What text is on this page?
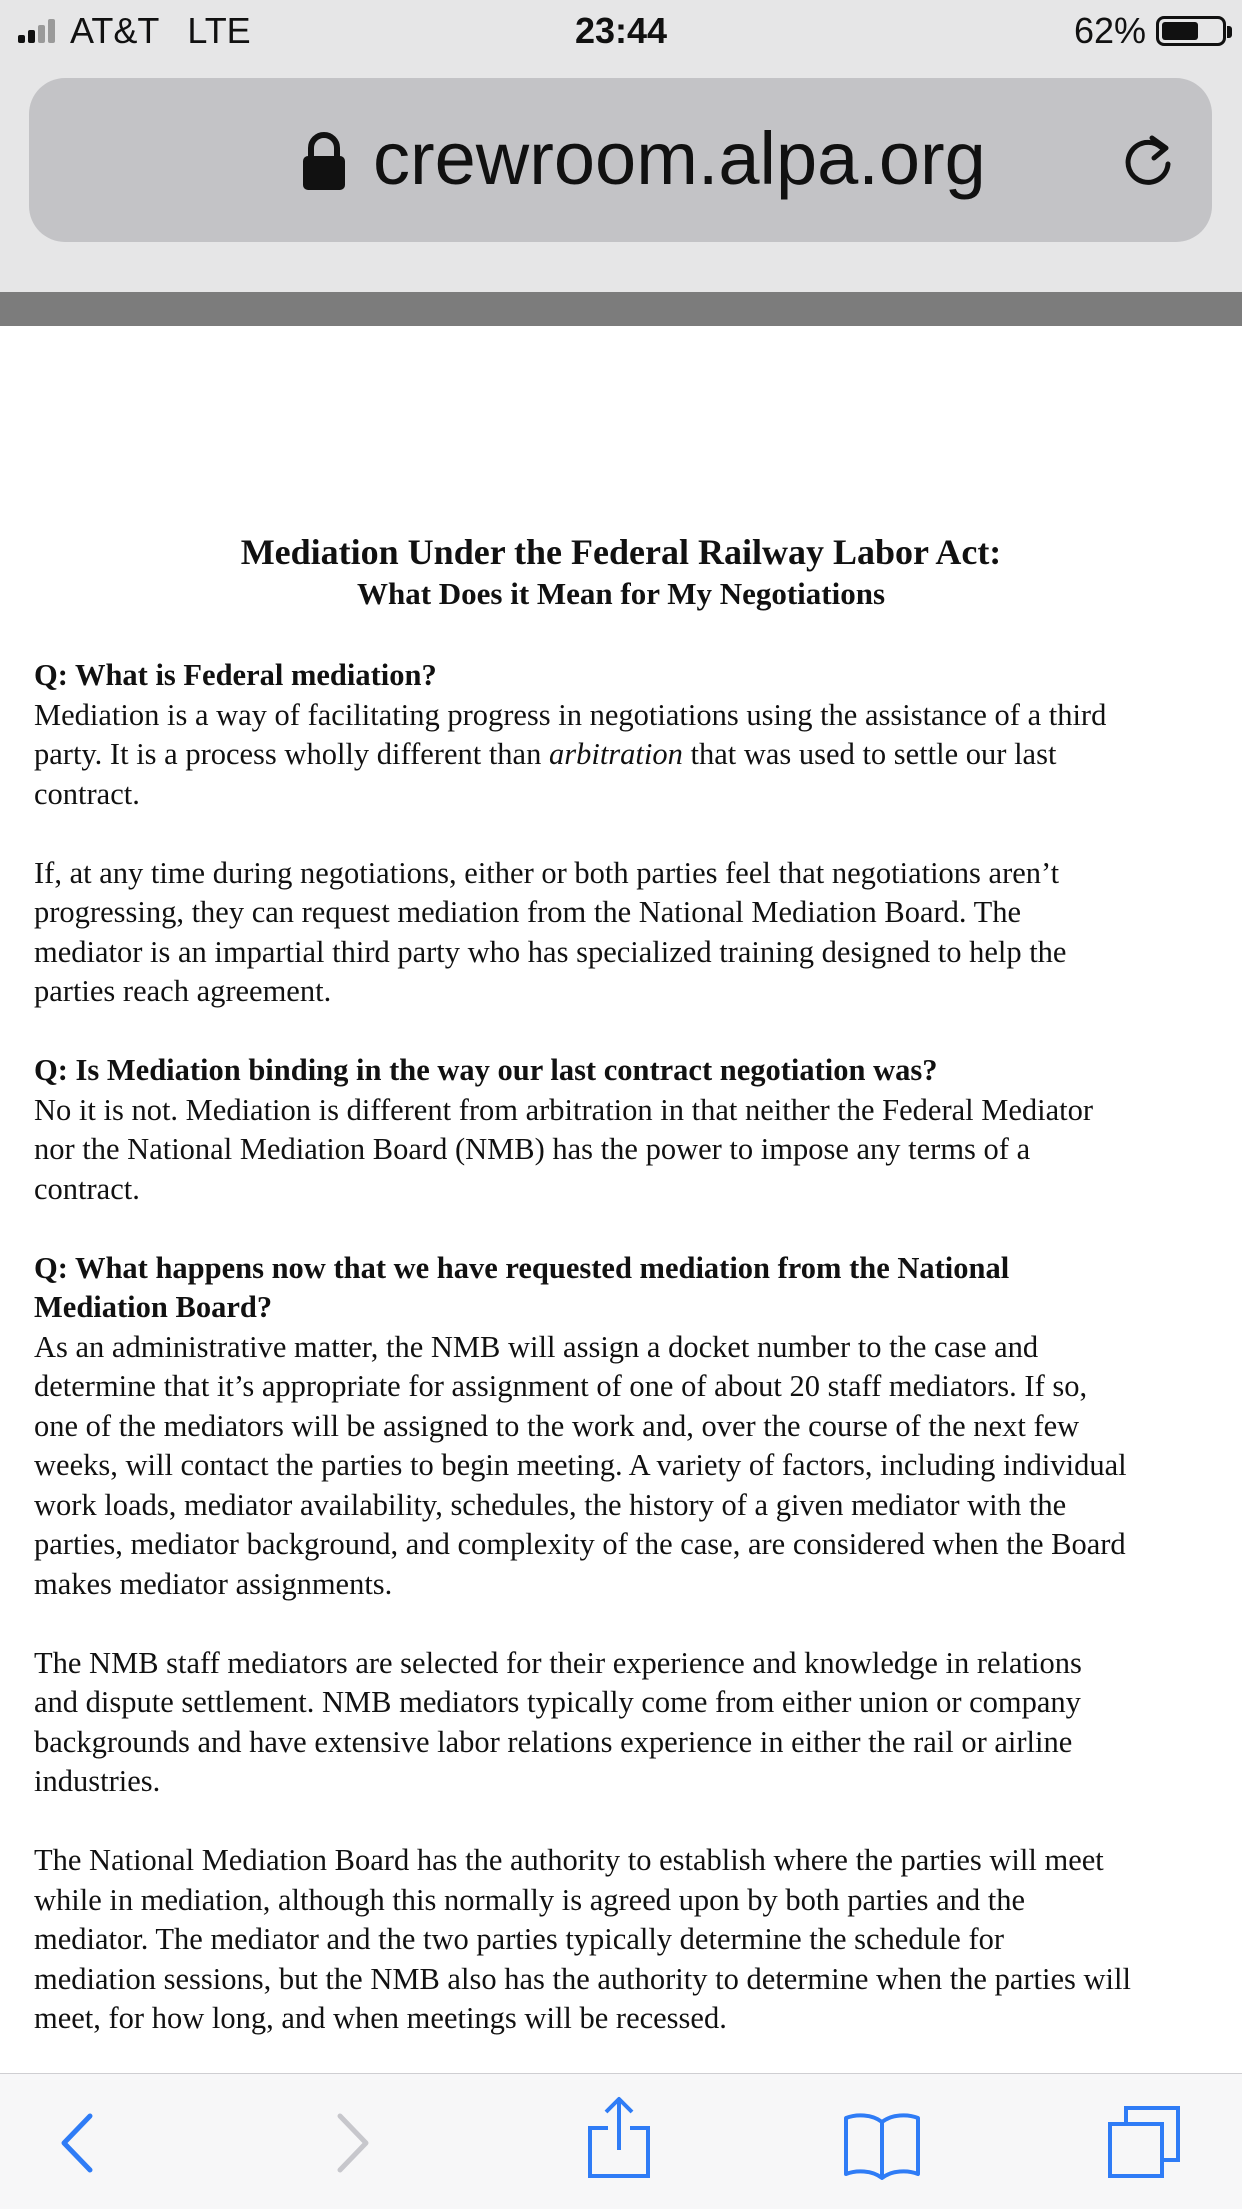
AT&T LTE	23:44	62%
crewroom.alpa.org
Mediation Under the Federal Railway Labor Act:
What Does it Mean for My Negotiations

Q: What is Federal mediation?

Mediation is a way of facilitating progress in negotiations using the assistance of a third

party. It is a process wholly different than arbitration that was used to settle our last

contract.

If, at any time during negotiations, either or both parties feel that negotiations aren’t

progressing, they can request mediation from the National Mediation Board. The

mediator is an impartial third party who has specialized training designed to help the

parties reach agreement.

Q: Is Mediation binding in the way our last contract negotiation was?

No it is not. Mediation is different from arbitration in that neither the Federal Mediator

nor the National Mediation Board (NMB) has the power to impose any terms of a

contract.

Q: What happens now that we have requested mediation from the National

Mediation Board?

As an administrative matter, the NMB will assign a docket number to the case and

determine that it’s appropriate for assignment of one of about 20 staff mediators. If so,

one of the mediators will be assigned to the work and, over the course of the next few

weeks, will contact the parties to begin meeting. A variety of factors, including individual

work loads, mediator availability, schedules, the history of a given mediator with the

parties, mediator background, and complexity of the case, are considered when the Board

makes mediator assignments.

The NMB staff mediators are selected for their experience and knowledge in relations

and dispute settlement. NMB mediators typically come from either union or company

backgrounds and have extensive labor relations experience in either the rail or airline

industries.

The National Mediation Board has the authority to establish where the parties will meet

while in mediation, although this normally is agreed upon by both parties and the

mediator. The mediator and the two parties typically determine the schedule for

mediation sessions, but the NMB also has the authority to determine when the parties will

meet, for how long, and when meetings will be recessed.
